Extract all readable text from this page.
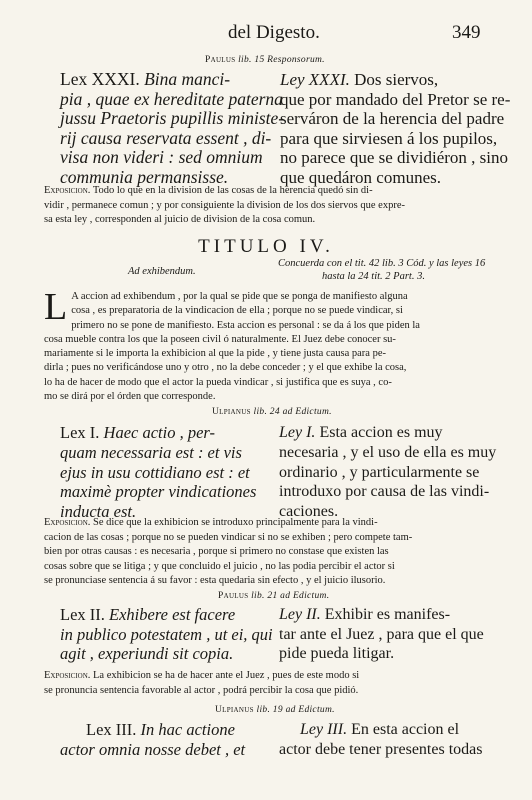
del Digesto.	349
Paulus lib. 15 Responsorum.
Lex XXXI. Bina manci-
pia , quae ex hereditate paterna
jussu Praetoris pupillis ministe-
rij causa reservata essent , di-
visa non videri : sed omnium
communia permansisse.
Ley XXXI. Dos siervos,
que por mandado del Pretor se re-
serváron de la herencia del padre
para que sirviesen á los pupilos,
no parece que se dividiéron , sino
que quedáron comunes.

Exposicion. Todo lo que en la division de las cosas de la herencia quedó sin di-

vidir , permanece comun ; y por consiguiente la division de los dos siervos que expre-

sa esta ley , corresponden al juicio de division de la cosa comun.

TITULO IV.
Ad exhibendum.
Concuerda con el tit. 42 lib. 3 Cód. y las leyes 16
hasta la 24 tit. 2 Part. 3.
L A accion ad exhibendum , por la qual se pide que se ponga de manifiesto alguna

cosa , es preparatoria de la vindicacion de ella ; porque no se puede vindicar, si

primero no se pone de manifiesto. Esta accion es personal : se da á los que piden la

cosa mueble contra los que la poseen civil ó naturalmente. El Juez debe conocer su-

mariamente si le importa la exhibicion al que la pide , y tiene justa causa para pe-

dirla ; pues no verificándose uno y otro , no la debe conceder ; y el que exhibe la cosa,

lo ha de hacer de modo que el actor la pueda vindicar , si justifica que es suya , co-

mo se dirá por el órden que corresponde.

Ulpianus lib. 24 ad Edictum.
Lex I. Haec actio , per-
quam necessaria est : et vis
ejus in usu cottidiano est : et
maximè propter vindicationes
inducta est.
Ley I. Esta accion es muy
necesaria , y el uso de ella es muy
ordinario , y particularmente se
introduxo por causa de las vindi-
caciones.

Exposicion. Se dice que la exhibicion se introduxo principalmente para la vindi-

cacion de las cosas ; porque no se pueden vindicar si no se exhiben ; pero compete tam-

bien por otras causas : es necesaria , porque si primero no constase que existen las

cosas sobre que se litiga ; y que concluido el juicio , no las podia percibir el actor si

se pronunciase sentencia á su favor : esta quedaria sin efecto , y el juicio ilusorio.

Paulus lib. 21 ad Edictum.
Lex II. Exhibere est facere
in publico potestatem , ut ei, qui
agit , experiundi sit copia.
Ley II. Exhibir es manifes-
tar ante el Juez , para que el que
pide pueda litigar.

Exposicion. La exhibicion se ha de hacer ante el Juez , pues de este modo si

se pronuncia sentencia favorable al actor , podrá percibir la cosa que pidió.

Ulpianus lib. 19 ad Edictum.
Lex III. In hac actione
actor omnia nosse debet , et
Ley III. En esta accion el
actor debe tener presentes todas
